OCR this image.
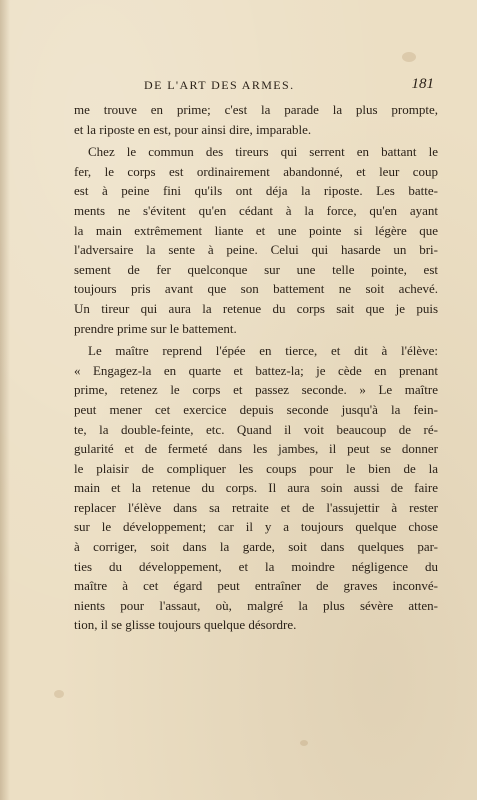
DE L'ART DES ARMES.	181
me trouve en prime; c'est la parade la plus prompte,
et la riposte en est, pour ainsi dire, imparable.
Chez le commun des tireurs qui serrent en battant le
fer, le corps est ordinairement abandonné, et leur coup
est à peine fini qu'ils ont déja la riposte. Les batte-
ments ne s'évitent qu'en cédant à la force, qu'en ayant
la main extrêmement liante et une pointe si légère que
l'adversaire la sente à peine. Celui qui hasarde un bri-
sement de fer quelconque sur une telle pointe, est
toujours pris avant que son battement ne soit achevé.
Un tireur qui aura la retenue du corps sait que je puis
prendre prime sur le battement.
Le maître reprend l'épée en tierce, et dit à l'élève:
« Engagez-la en quarte et battez-la; je cède en prenant
prime, retenez le corps et passez seconde. » Le maître
peut mener cet exercice depuis seconde jusqu'à la fein-
te, la double-feinte, etc. Quand il voit beaucoup de ré-
gularité et de fermeté dans les jambes, il peut se donner
le plaisir de compliquer les coups pour le bien de la
main et la retenue du corps. Il aura soin aussi de faire
replacer l'élève dans sa retraite et de l'assujettir à rester
sur le développement; car il y a toujours quelque chose
à corriger, soit dans la garde, soit dans quelques par-
ties du développement, et la moindre négligence du
maître à cet égard peut entraîner de graves inconvé-
nients pour l'assaut, où, malgré la plus sévère atten-
tion, il se glisse toujours quelque désordre.
